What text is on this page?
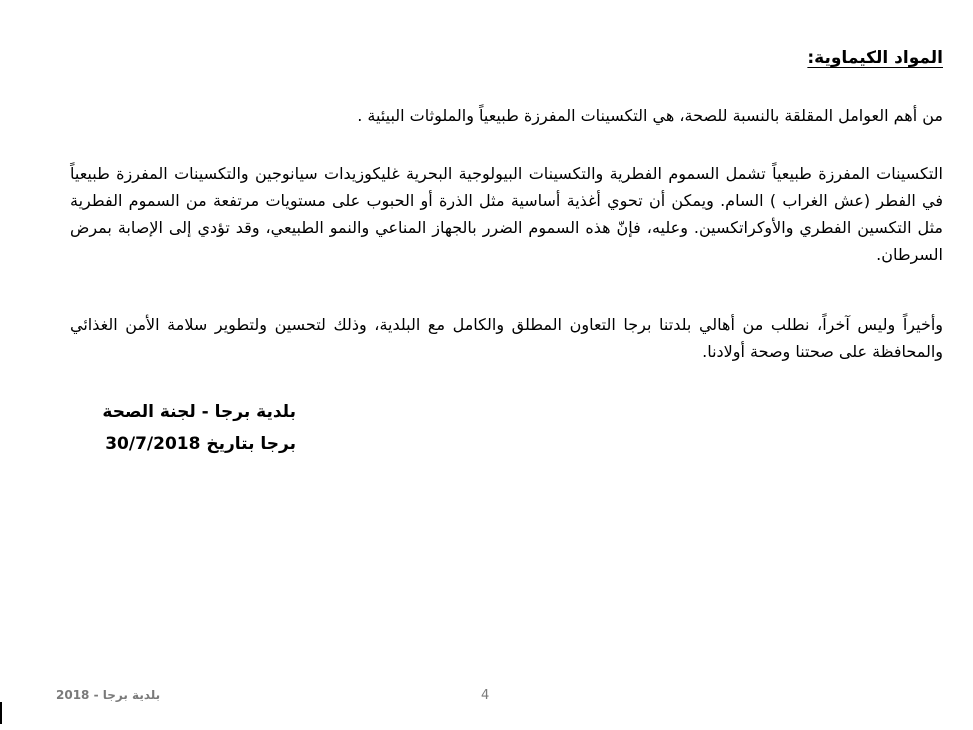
المواد الكيماوية:

من أهم العوامل المقلقة بالنسبة للصحة، هي التكسينات المفرزة طبيعياً والملوثات البيئية .

التكسينات المفرزة طبيعياً تشمل السموم الفطرية والتكسينات البيولوجية البحرية غليكوزيدات سيانوجين والتكسينات المفرزة طبيعياً في الفطر (عش الغراب ) السام. ويمكن أن تحوي أغذية أساسية مثل الذرة أو الحبوب على مستويات مرتفعة من السموم الفطرية مثل التكسين الفطري والأوكراتكسين. وعليه، فإنّ هذه السموم الضرر بالجهاز المناعي والنمو الطبيعي، وقد تؤدي إلى الإصابة بمرض السرطان.

وأخيراً وليس آخراً، نطلب من أهالي بلدتنا برجا التعاون المطلق والكامل مع البلدية، وذلك لتحسين ولتطوير سلامة الأمن الغذائي والمحافظة على صحتنا وصحة أولادنا.

بلدية برجا - لجنة الصحة
برجا بتاريخ 30/7/2018
بلدية برجا - 2018	4
